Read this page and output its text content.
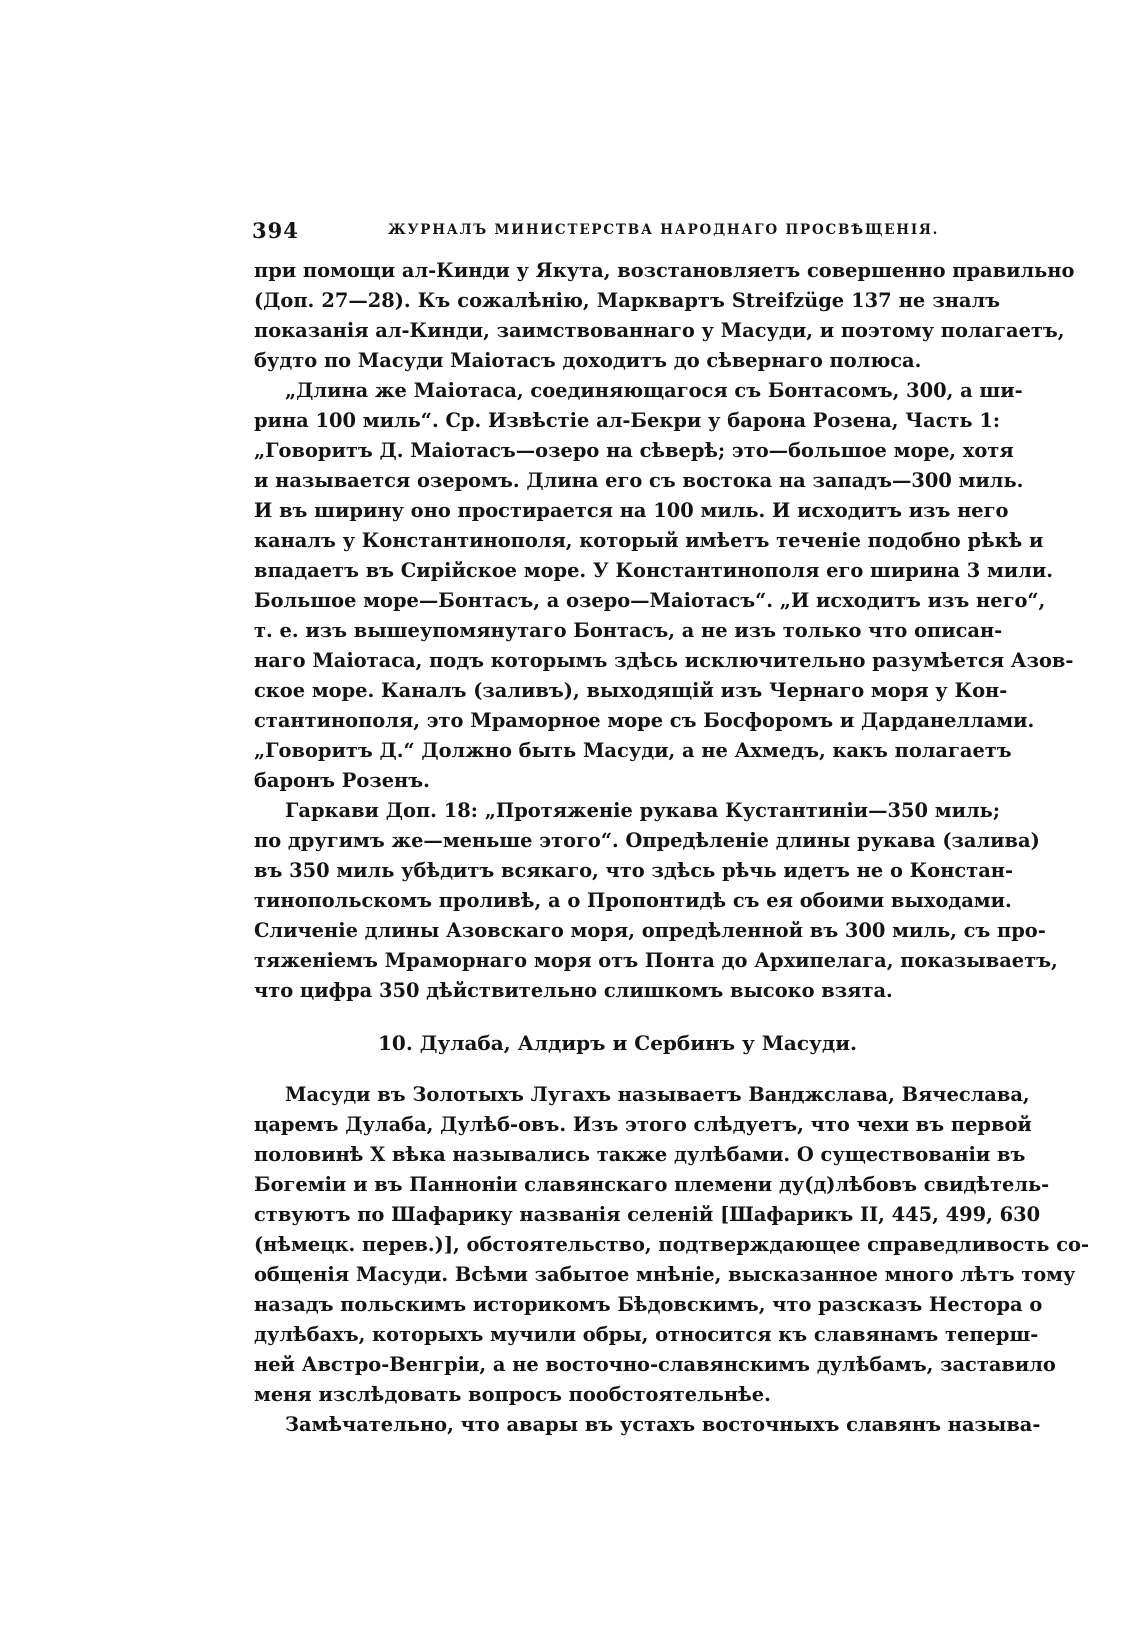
394	ЖУРНАЛЪ МИНИСТЕРСТВА НАРОДНАГО ПРОСВѢЩЕНІЯ.
при помощи ал-Кинди у Якута, возстановляетъ совершенно правильно
(Доп. 27—28). Къ сожалѣнію, Марквартъ Streifzüge 137 не зналъ
показанія ал-Кинди, заимствованнаго у Масуди, и поэтому полагаетъ,
будто по Масуди Маіотасъ доходитъ до сѣвернаго полюса.
„Длина же Маіотаса, соединяющагося съ Бонтасомъ, 300, а ши-
рина 100 миль“. Ср. Извѣстіе ал-Бекри у барона Розена, Часть 1:
„Говоритъ Д. Маіотасъ—озеро на сѣверѣ; это—большое море, хотя
и называется озеромъ. Длина его съ востока на западъ—300 миль.
И въ ширину оно простирается на 100 миль. И исходитъ изъ него
каналъ у Константинополя, который имѣетъ теченіе подобно рѣкѣ и
впадаетъ въ Сирійское море. У Константинополя его ширина 3 мили.
Большое море—Бонтасъ, а озеро—Маіотасъ“. „И исходитъ изъ него“,
т. е. изъ вышеупомянутаго Бонтасъ, а не изъ только что описан-
наго Маіотаса, подъ которымъ здѣсь исключительно разумѣется Азов-
ское море. Каналъ (заливъ), выходящій изъ Чернаго моря у Кон-
стантинополя, это Мраморное море съ Босфоромъ и Дарданеллами.
„Говоритъ Д.“ Должно быть Масуди, а не Ахмедъ, какъ полагаетъ
баронъ Розенъ.
Гаркави Доп. 18: „Протяженіе рукава Кустантиніи—350 миль;
по другимъ же—меньше этого“. Опредѣленіе длины рукава (залива)
въ 350 миль убѣдитъ всякаго, что здѣсь рѣчь идетъ не о Констан-
тинопольскомъ проливѣ, а о Пропонтидѣ съ ея обоими выходами.
Сличеніе длины Азовскаго моря, опредѣленной въ 300 миль, съ про-
тяженіемъ Мраморнаго моря отъ Понта до Архипелага, показываетъ,
что цифра 350 дѣйствительно слишкомъ высоко взята.
10. Дулаба, Алдиръ и Сербинъ у Масуди.
Масуди въ Золотыхъ Лугахъ называетъ Ванджслава, Вячеслава,
царемъ Дулаба, Дулѣб-овъ. Изъ этого слѣдуетъ, что чехи въ первой
половинѣ X вѣка назывались также дулѣбами. О существованіи въ
Богеміи и въ Панноніи славянскаго племени ду(д)лѣбовъ свидѣтель-
ствуютъ по Шафарику названія селеній [Шафарикъ II, 445, 499, 630
(нѣмецк. перев.)], обстоятельство, подтверждающее справедливость со-
общенія Масуди. Всѣми забытое мнѣніе, высказанное много лѣтъ тому
назадъ польскимъ историкомъ Бѣдовскимъ, что разсказъ Нестора о
дулѣбахъ, которыхъ мучили обры, относится къ славянамъ теперш-
ней Австро-Венгріи, а не восточно-славянскимъ дулѣбамъ, заставило
меня изслѣдовать вопросъ пообстоятельнѣе.
Замѣчательно, что авары въ устахъ восточныхъ славянъ называ-
